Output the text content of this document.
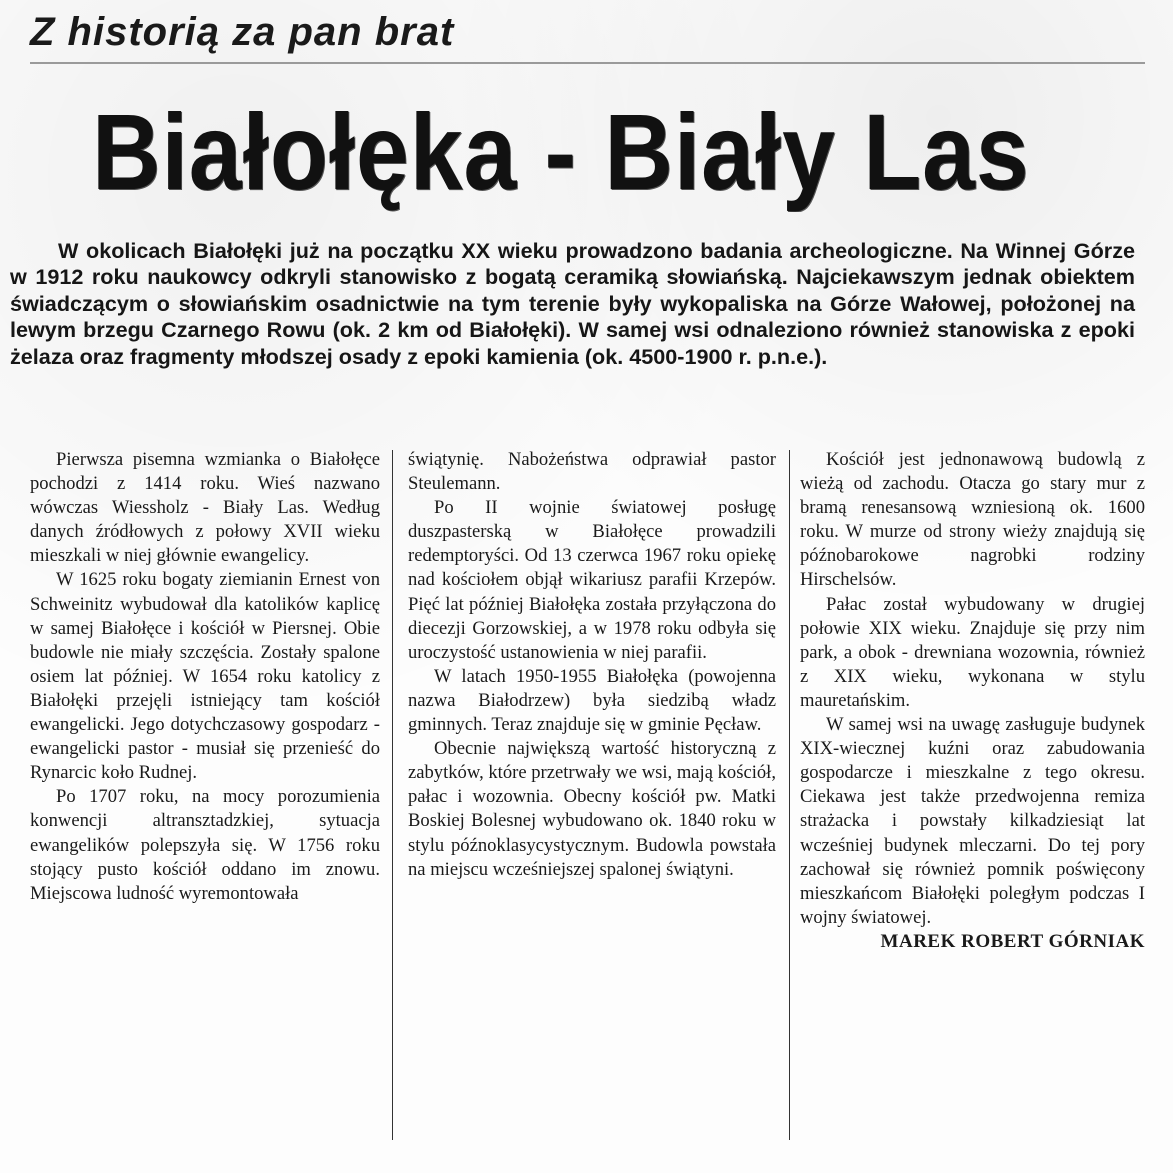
Z historią za pan brat
Białołęka - Biały Las
W okolicach Białołęki już na początku XX wieku prowadzono badania archeologiczne. Na Winnej Górze w 1912 roku naukowcy odkryli stanowisko z bogatą ceramiką słowiańską. Najciekawszym jednak obiektem świadczącym o słowiańskim osadnictwie na tym terenie były wykopaliska na Górze Wałowej, położonej na lewym brzegu Czarnego Rowu (ok. 2 km od Białołęki). W samej wsi odnaleziono również stanowiska z epoki żelaza oraz fragmenty młodszej osady z epoki kamienia (ok. 4500-1900 r. p.n.e.).

Pierwsza pisemna wzmianka o Białołęce pochodzi z 1414 roku. Wieś nazwano wówczas Wiessholz - Biały Las. Według danych źródłowych z połowy XVII wieku mieszkali w niej głównie ewangelicy.

W 1625 roku bogaty ziemianin Ernest von Schweinitz wybudował dla katolików kaplicę w samej Białołęce i kościół w Piersnej. Obie budowle nie miały szczęścia. Zostały spalone osiem lat później. W 1654 roku katolicy z Białołęki przejęli istniejący tam kościół ewangelicki. Jego dotychczasowy gospodarz - ewangelicki pastor - musiał się przenieść do Rynarcic koło Rudnej.

Po 1707 roku, na mocy porozumienia konwencji altransztadzkiej, sytuacja ewangelików polepszyła się. W 1756 roku stojący pusto kościół oddano im znowu. Miejscowa ludność wyremontowała

świątynię. Nabożeństwa odprawiał pastor Steulemann.

Po II wojnie światowej posługę duszpasterską w Białołęce prowadzili redemptoryści. Od 13 czerwca 1967 roku opiekę nad kościołem objął wikariusz parafii Krzepów. Pięć lat później Białołęka została przyłączona do diecezji Gorzowskiej, a w 1978 roku odbyła się uroczystość ustanowienia w niej parafii.

W latach 1950-1955 Białołęka (powojenna nazwa Białodrzew) była siedzibą władz gminnych. Teraz znajduje się w gminie Pęcław.

Obecnie największą wartość historyczną z zabytków, które przetrwały we wsi, mają kościół, pałac i wozownia. Obecny kościół pw. Matki Boskiej Bolesnej wybudowano ok. 1840 roku w stylu późnoklasycystycznym. Budowla powstała na miejscu wcześniejszej spalonej świątyni.

Kościół jest jednonawową budowlą z wieżą od zachodu. Otacza go stary mur z bramą renesansową wzniesioną ok. 1600 roku. W murze od strony wieży znajdują się późnobarokowe nagrobki rodziny Hirschelsów.

Pałac został wybudowany w drugiej połowie XIX wieku. Znajduje się przy nim park, a obok - drewniana wozownia, również z XIX wieku, wykonana w stylu mauretańskim.

W samej wsi na uwagę zasługuje budynek XIX-wiecznej kuźni oraz zabudowania gospodarcze i mieszkalne z tego okresu. Ciekawa jest także przedwojenna remiza strażacka i powstały kilkadziesiąt lat wcześniej budynek mleczarni. Do tej pory zachował się również pomnik poświęcony mieszkańcom Białołęki poległym podczas I wojny światowej.

MAREK ROBERT GÓRNIAK
